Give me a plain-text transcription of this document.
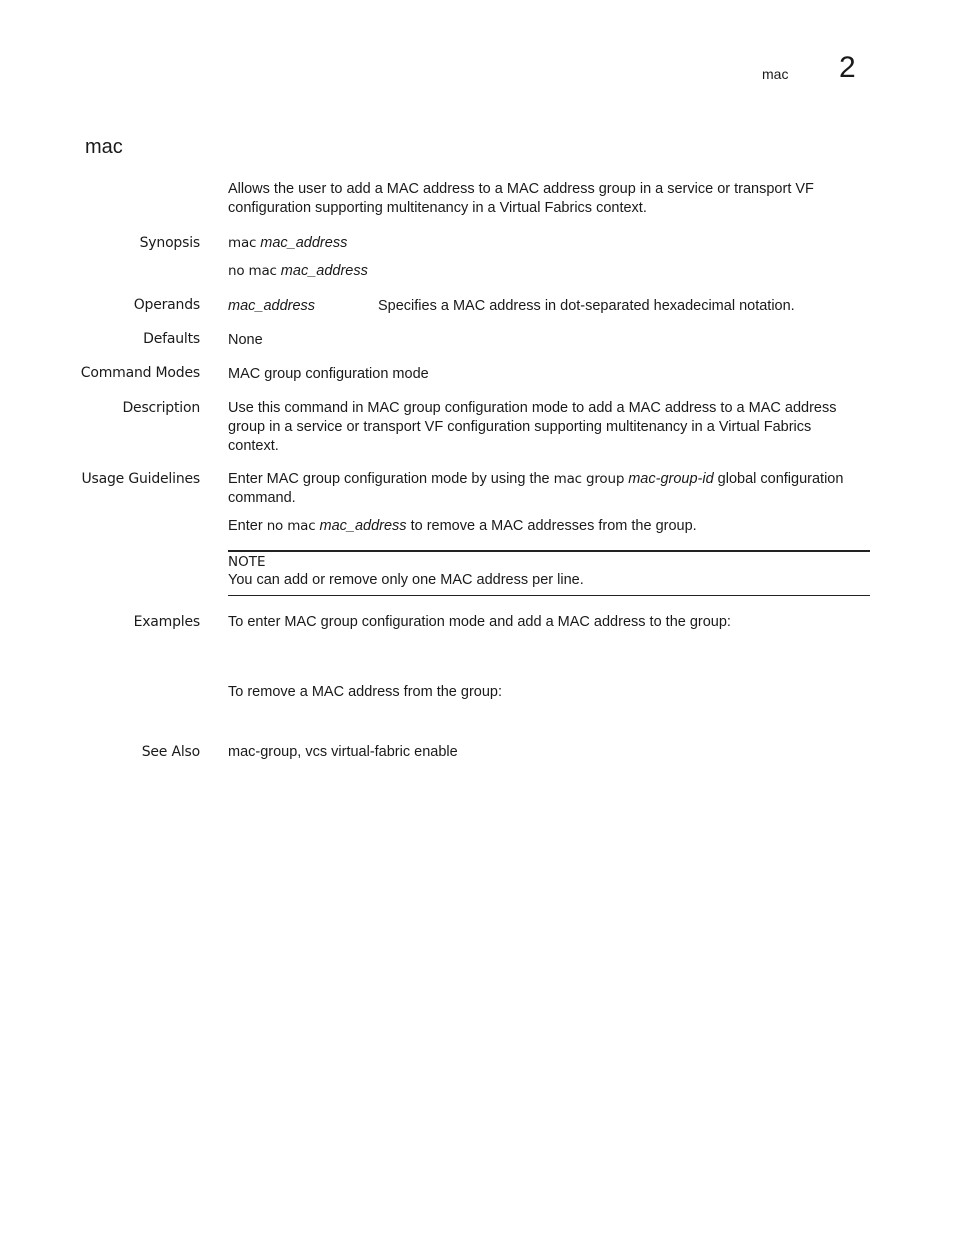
mac 2
mac
Allows the user to add a MAC address to a MAC address group in a service or transport VF configuration supporting multitenancy in a Virtual Fabrics context.
Synopsis mac mac_address
no mac mac_address
Operands mac_address	Specifies a MAC address in dot-separated hexadecimal notation.
Defaults None
Command Modes MAC group configuration mode
Description Use this command in MAC group configuration mode to add a MAC address to a MAC address group in a service or transport VF configuration supporting multitenancy in a Virtual Fabrics context.
Usage Guidelines Enter MAC group configuration mode by using the mac group mac-group-id global configuration command.
Enter no mac mac_address to remove a MAC addresses from the group.
NOTE
You can add or remove only one MAC address per line.
Examples To enter MAC group configuration mode and add a MAC address to the group:
To remove a MAC address from the group:
See Also mac-group, vcs virtual-fabric enable
